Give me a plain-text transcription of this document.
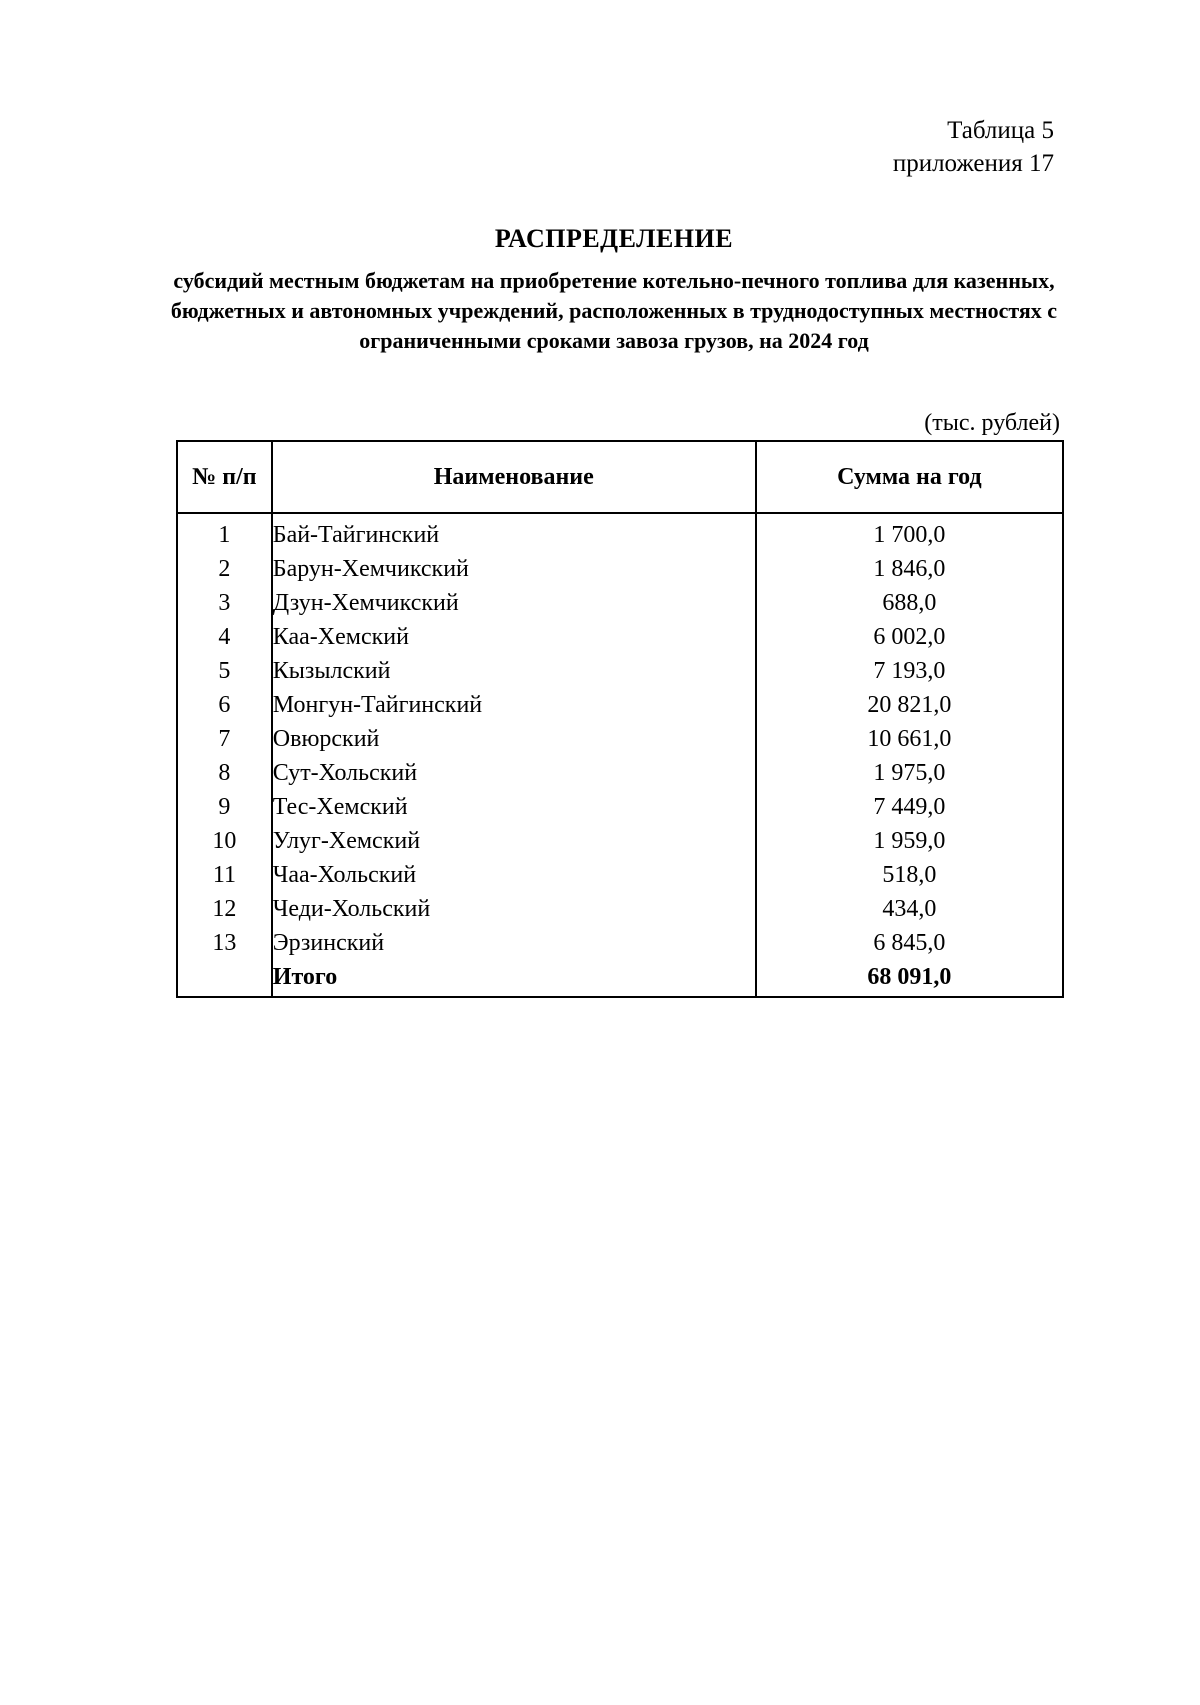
Таблица 5
приложения 17
РАСПРЕДЕЛЕНИЕ
субсидий местным бюджетам на приобретение котельно-печного топлива для казенных, бюджетных и автономных учреждений, расположенных в труднодоступных местностях с ограниченными сроками завоза грузов, на 2024 год
(тыс. рублей)
№ п/п	Наименование	Сумма на год
1	Бай-Тайгинский	1 700,0
2	Барун-Хемчикский	1 846,0
3	Дзун-Хемчикский	688,0
4	Каа-Хемский	6 002,0
5	Кызылский	7 193,0
6	Монгун-Тайгинский	20 821,0
7	Овюрский	10 661,0
8	Сут-Хольский	1 975,0
9	Тес-Хемский	7 449,0
10	Улуг-Хемский	1 959,0
11	Чаа-Хольский	518,0
12	Чеди-Хольский	434,0
13	Эрзинский	6 845,0
	Итого	68 091,0
